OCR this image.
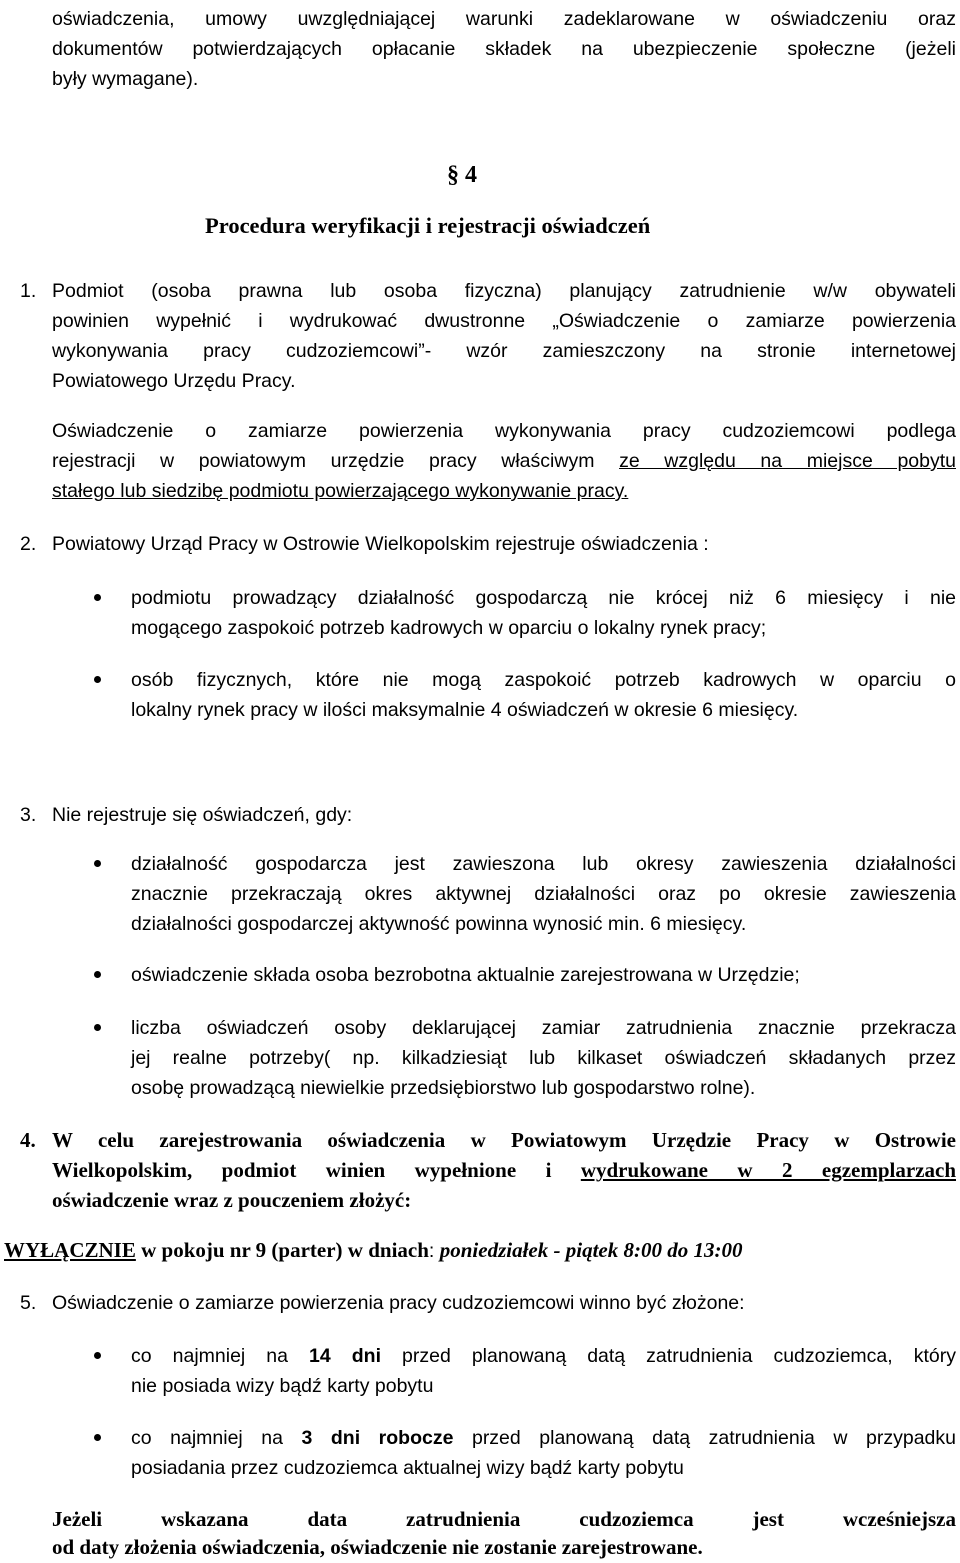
oświadczenia, umowy uwzględniającej warunki zadeklarowane w oświadczeniu oraz
dokumentów potwierdzających opłacanie składek na ubezpieczenie społeczne (jeżeli
były wymagane).
§ 4
Procedura weryfikacji i rejestracji oświadczeń
1. Podmiot (osoba prawna lub osoba fizyczna) planujący zatrudnienie w/w obywateli
powinien wypełnić i wydrukować dwustronne „Oświadczenie o zamiarze powierzenia
wykonywania pracy cudzoziemcowi”- wzór zamieszczony na stronie internetowej
Powiatowego Urzędu Pracy.
Oświadczenie o zamiarze powierzenia wykonywania pracy cudzoziemcowi podlega
rejestracji w powiatowym urzędzie pracy właściwym ze względu na miejsce pobytu
stałego lub siedzibę podmiotu powierzającego wykonywanie pracy.
2. Powiatowy Urząd Pracy w Ostrowie Wielkopolskim rejestruje oświadczenia :
podmiotu prowadzący działalność gospodarczą nie krócej niż 6 miesięcy i nie
mogącego zaspokoić potrzeb kadrowych w oparciu o lokalny rynek pracy;
osób fizycznych, które nie mogą zaspokoić potrzeb kadrowych w oparciu o
lokalny rynek pracy w ilości maksymalnie 4 oświadczeń w okresie 6 miesięcy.
3. Nie rejestruje się oświadczeń, gdy:
działalność gospodarcza jest zawieszona lub okresy zawieszenia działalności
znacznie przekraczają okres aktywnej działalności oraz po okresie zawieszenia
działalności gospodarczej aktywność powinna wynosić min. 6 miesięcy.
oświadczenie składa osoba bezrobotna aktualnie zarejestrowana w Urzędzie;
liczba oświadczeń osoby deklarującej zamiar zatrudnienia znacznie przekracza
jej realne potrzeby( np. kilkadziesiąt lub kilkaset oświadczeń składanych przez
osobę prowadzącą niewielkie przedsiębiorstwo lub gospodarstwo rolne).
4. W celu zarejestrowania oświadczenia w Powiatowym Urzędzie Pracy w Ostrowie
Wielkopolskim, podmiot winien wypełnione i wydrukowane w 2 egzemplarzach
oświadczenie wraz z pouczeniem złożyć:
WYŁĄCZNIE w pokoju nr 9 (parter) w dniach: poniedziałek - piątek 8:00 do 13:00
5. Oświadczenie o zamiarze powierzenia pracy cudzoziemcowi winno być złożone:
co najmniej na 14 dni przed planowaną datą zatrudnienia cudzoziemca, który
nie posiada wizy bądź karty pobytu
co najmniej na 3 dni robocze przed planowaną datą zatrudnienia w przypadku
posiadania przez cudzoziemca aktualnej wizy bądź karty pobytu
Jeżeli wskazana data zatrudnienia cudzoziemca jest wcześniejsza
od daty złożenia oświadczenia, oświadczenie nie zostanie zarejestrowane.
